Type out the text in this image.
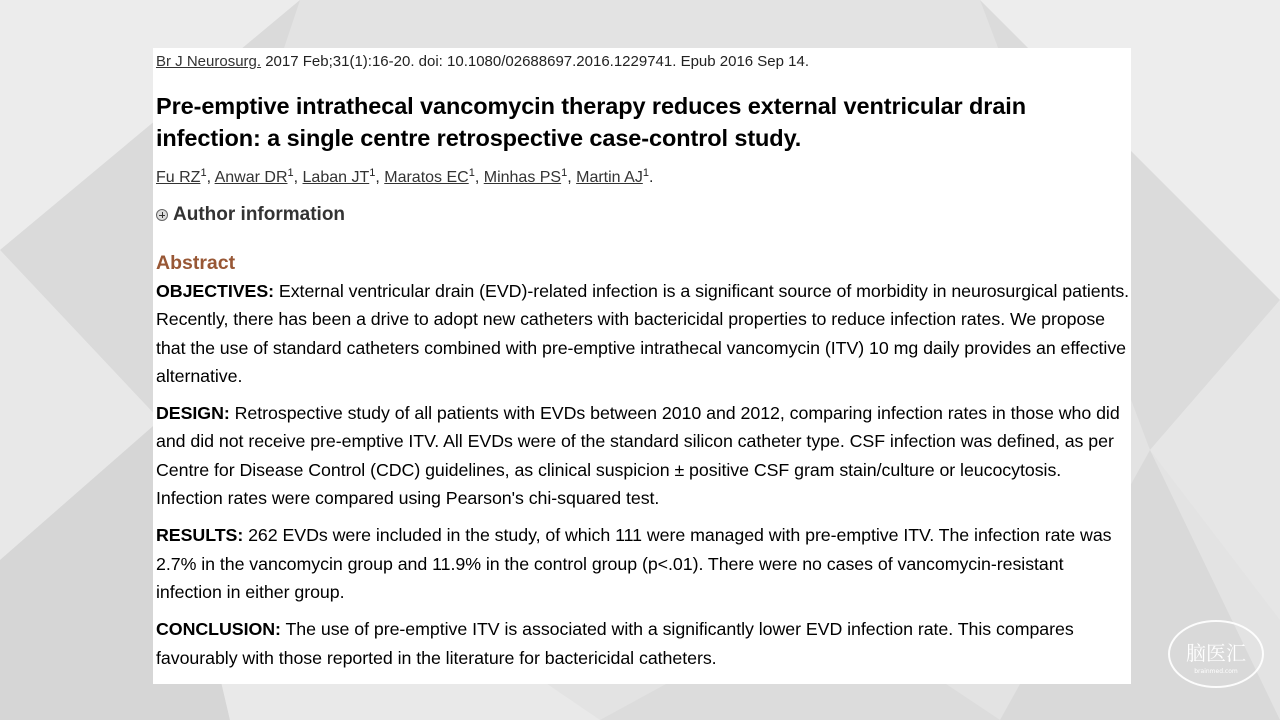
Br J Neurosurg. 2017 Feb;31(1):16-20. doi: 10.1080/02688697.2016.1229741. Epub 2016 Sep 14.

Pre-emptive intrathecal vancomycin therapy reduces external ventricular drain infection: a single centre retrospective case-control study.

Fu $RZ^1$, Anwar $DR^1$, Laban $JT^1$, Maratos $EC^1$, Minhas $PS^1$, Martin $AJ^1$.

Author information
Abstract

OBJECTIVES: External ventricular drain (EVD)-related infection is a significant source of morbidity in neurosurgical patients. Recently, there has been a drive to adopt new catheters with bactericidal properties to reduce infection rates. We propose that the use of standard catheters combined with pre-emptive intrathecal vancomycin (ITV) 10 mg daily provides an effective alternative.

DESIGN: Retrospective study of all patients with EVDs between 2010 and 2012, comparing infection rates in those who did and did not receive pre-emptive ITV. All EVDs were of the standard silicon catheter type. CSF infection was defined, as per Centre for Disease Control (CDC) guidelines, as clinical suspicion ± positive CSF gram stain/culture or leucocytosis. Infection rates were compared using Pearson's chi-squared test.

RESULTS: 262 EVDs were included in the study, of which 111 were managed with pre-emptive ITV. The infection rate was 2.7% in the vancomycin group and 11.9% in the control group (p<.01). There were no cases of vancomycin-resistant infection in either group.

CONCLUSION: The use of pre-emptive ITV is associated with a significantly lower EVD infection rate. This compares favourably with those reported in the literature for bactericidal catheters.	脑医汇
brainmed.com
